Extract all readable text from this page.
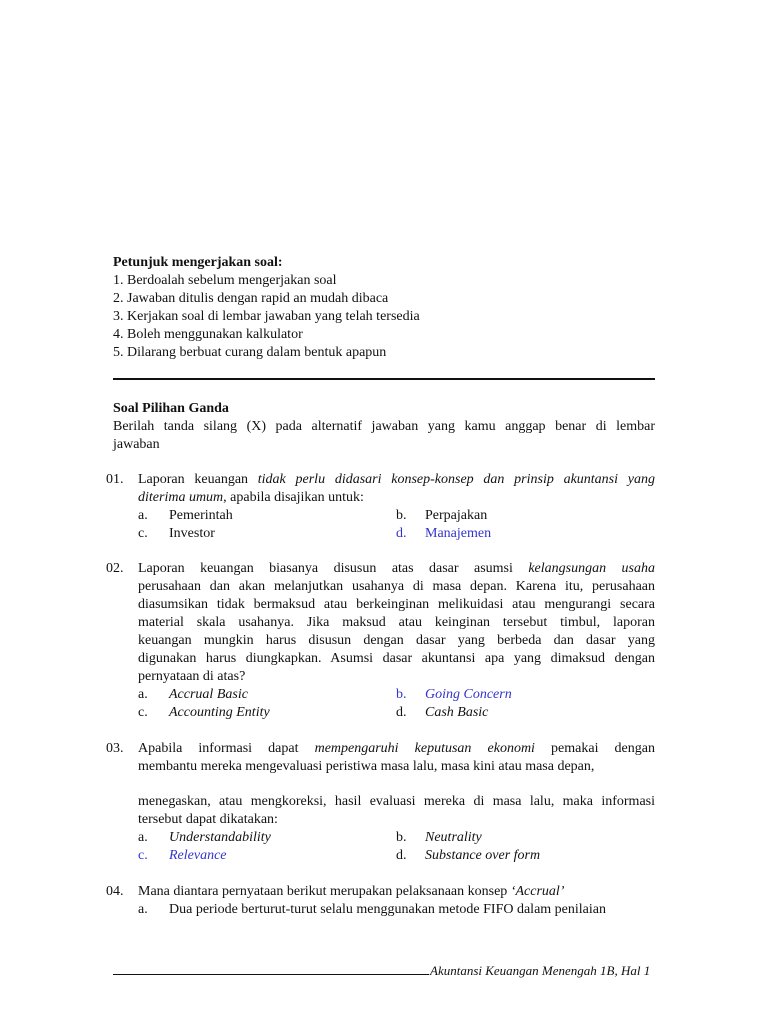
Petunjuk mengerjakan soal:
1. Berdoalah sebelum mengerjakan soal
2. Jawaban ditulis dengan rapid an mudah dibaca
3. Kerjakan soal di lembar jawaban yang telah tersedia
4. Boleh menggunakan kalkulator
5. Dilarang berbuat curang dalam bentuk apapun
Soal Pilihan Ganda
Berilah tanda silang (X) pada alternatif jawaban yang kamu anggap benar di lembar
jawaban
01.	Laporan keuangan tidak perlu didasari konsep-konsep dan prinsip akuntansi yang
diterima umum, apabila disajikan untuk:
a.	Pemerintah	b.	Perpajakan
c.	Investor	d.	Manajemen
02.	Laporan keuangan biasanya disusun atas dasar asumsi kelangsungan usaha
perusahaan dan akan melanjutkan usahanya di masa depan. Karena itu, perusahaan
diasumsikan tidak bermaksud atau berkeinginan melikuidasi atau mengurangi secara
material skala usahanya. Jika maksud atau keinginan tersebut timbul, laporan
keuangan mungkin harus disusun dengan dasar yang berbeda dan dasar yang
digunakan harus diungkapkan. Asumsi dasar akuntansi apa yang dimaksud dengan
pernyataan di atas?
a.	Accrual Basic	b.	Going Concern
c.	Accounting Entity	d.	Cash Basic
03.	Apabila informasi dapat mempengaruhi keputusan ekonomi pemakai dengan
membantu mereka mengevaluasi peristiwa masa lalu, masa kini atau masa depan,
menegaskan, atau mengkoreksi, hasil evaluasi mereka di masa lalu, maka informasi
tersebut dapat dikatakan:
a.	Understandability	b.	Neutrality
c.	Relevance	d.	Substance over form
04.	Mana diantara pernyataan berikut merupakan pelaksanaan konsep ‘Accrual’
a.	Dua periode berturut-turut selalu menggunakan metode FIFO dalam penilaian
Akuntansi Keuangan Menengah 1B, Hal 1
